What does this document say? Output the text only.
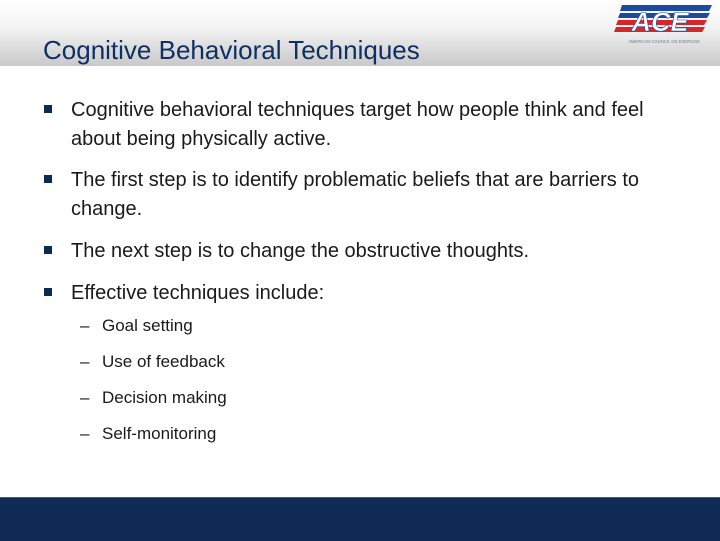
Cognitive Behavioral Techniques
ACE
AMERICAN COUNCIL ON EXERCISE

Cognitive behavioral techniques target how people think and feel about being physically active.

The first step is to identify problematic beliefs that are barriers to change.

The next step is to change the obstructive thoughts.

Effective techniques include:

– Goal setting

– Use of feedback

– Decision making

– Self-monitoring
